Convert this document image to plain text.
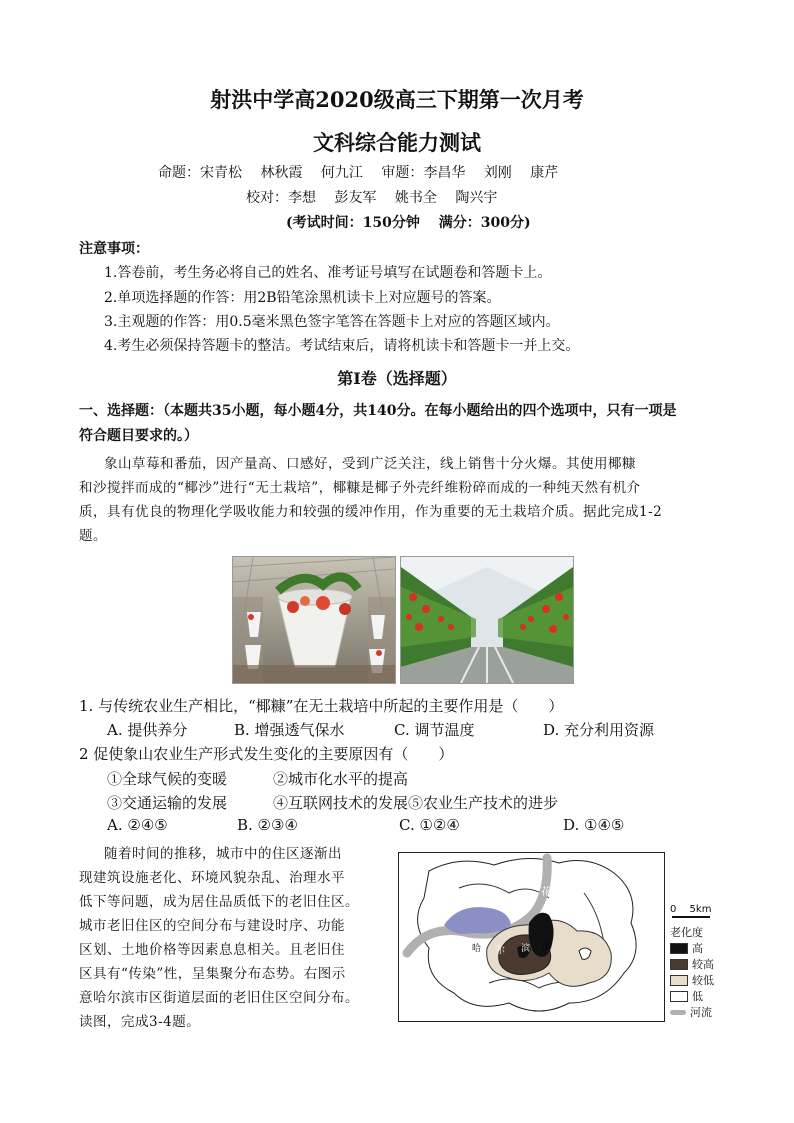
射洪中学高2020级高三下期第一次月考
文科综合能力测试
命题：宋青松　 林秋霞　 何九江　 审题：李昌华　 刘刚　 康芹
校对：李想　 彭友军　 姚书全　 陶兴宇
(考试时间：150分钟　 满分：300分)
注意事项：
1.答卷前，考生务必将自己的姓名、准考证号填写在试题卷和答题卡上。
2.单项选择题的作答：用2B铅笔涂黑机读卡上对应题号的答案。
3.主观题的作答：用0.5毫米黑色签字笔答在答题卡上对应的答题区域内。
4.考生必须保持答题卡的整洁。考试结束后，请将机读卡和答题卡一并上交。
第Ⅰ卷（选择题）
一、选择题：（本题共35小题，每小题4分，共140分。在每小题给出的四个选项中，只有一项是
符合题目要求的。）
象山草莓和番茄，因产量高、口感好，受到广泛关注，线上销售十分火爆。其使用椰糠
和沙搅拌而成的“椰沙”进行“无土栽培”，椰糠是椰子外壳纤维粉碎而成的一种纯天然有机介
质，具有优良的物理化学吸收能力和较强的缓冲作用，作为重要的无土栽培介质。据此完成1-2
题。
1. 与传统农业生产相比，“椰糠”在无土栽培中所起的主要作用是（　　）
A. 提供养分	B. 增强透气保水	C. 调节温度	D. 充分利用资源
2 促使象山农业生产形式发生变化的主要原因有（　　）
①全球气候的变暖	②城市化水平的提高
③交通运输的发展	④互联网技术的发展⑤农业生产技术的进步
A. ②④⑤	B. ②③④	C. ①②④	D. ①④⑤
随着时间的推移，城市中的住区逐渐出
现建筑设施老化、环境风貌杂乱、治理水平
低下等问题，成为居住品质低下的老旧住区。
城市老旧住区的空间分布与建设时序、功能
区划、土地价格等因素息息相关。且老旧住
区具有“传染”性，呈集聚分布态势。右图示
意哈尔滨市区街道层面的老旧住区空间分布。
读图，完成3-4题。
江
花
哈 尔 滨 市
0　 5km
老化度
高
较高
较低
低
河流
